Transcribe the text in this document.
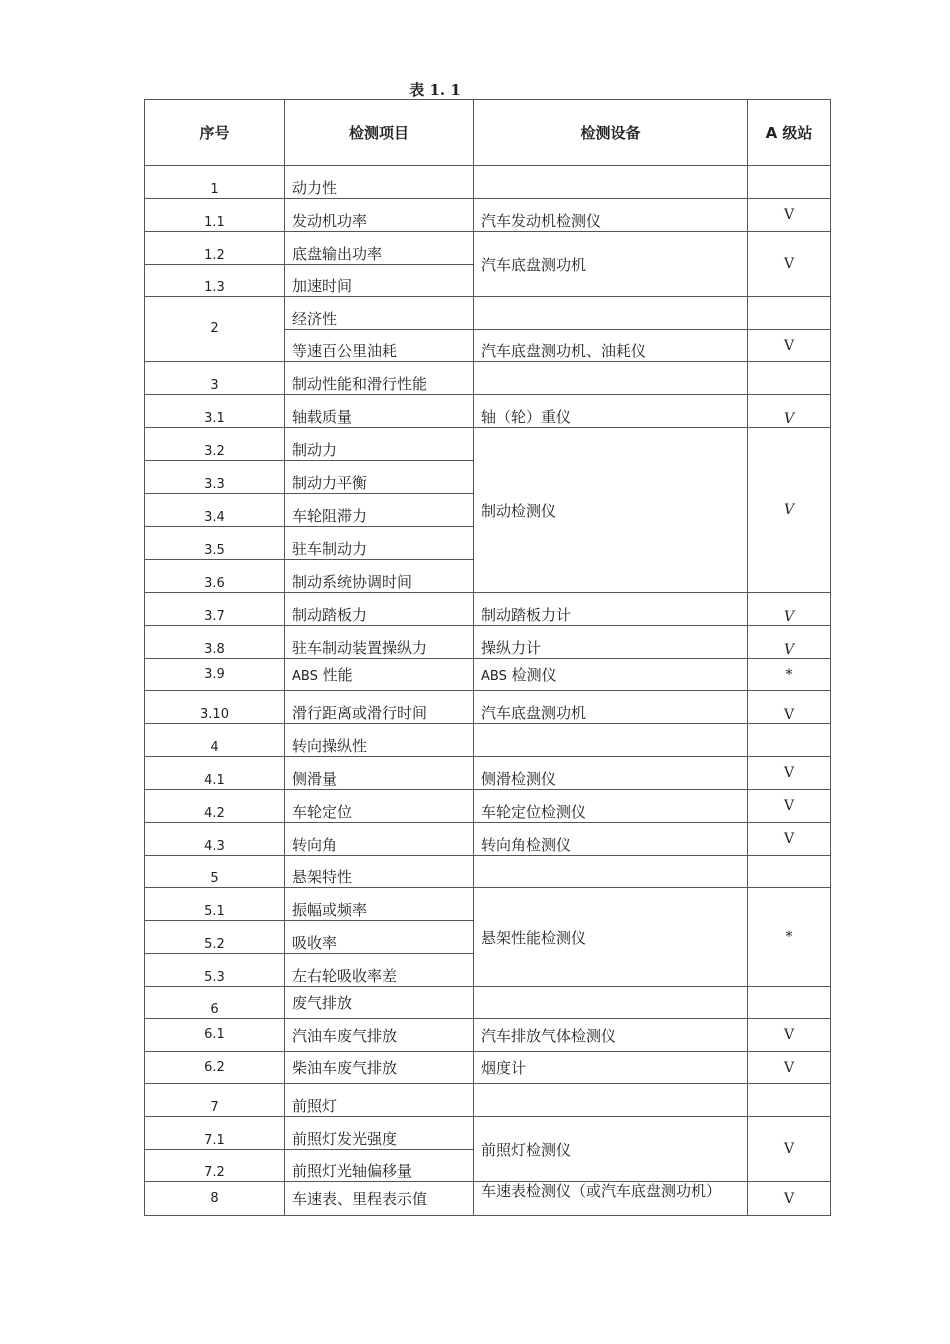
表 1. 1
序号	检测项目	检测设备	A 级站
1	动力性		
1.1	发动机功率	汽车发动机检测仪	V
1.2	底盘输出功率	汽车底盘测功机	V
1.3	加速时间		
2	经济性		
	等速百公里油耗	汽车底盘测功机、油耗仪	V
3	制动性能和滑行性能		
3.1	轴载质量	轴（轮）重仪	V
3.2	制动力	制动检测仪	V
3.3	制动力平衡		
3.4	车轮阻滞力		
3.5	驻车制动力		
3.6	制动系统协调时间		
3.7	制动踏板力	制动踏板力计	V
3.8	驻车制动装置操纵力	操纵力计	V
3.9	ABS 性能	ABS 检测仪	*
3.10	滑行距离或滑行时间	汽车底盘测功机	V
4	转向操纵性		
4.1	侧滑量	侧滑检测仪	V
4.2	车轮定位	车轮定位检测仪	V
4.3	转向角	转向角检测仪	V
5	悬架特性		
5.1	振幅或频率	悬架性能检测仪	*
5.2	吸收率		
5.3	左右轮吸收率差		
6	废气排放		
6.1	汽油车废气排放	汽车排放气体检测仪	V
6.2	柴油车废气排放	烟度计	V
7	前照灯		
7.1	前照灯发光强度	前照灯检测仪	V
7.2	前照灯光轴偏移量		
8	车速表、里程表示值	车速表检测仪（或汽车底盘测功机）	V
